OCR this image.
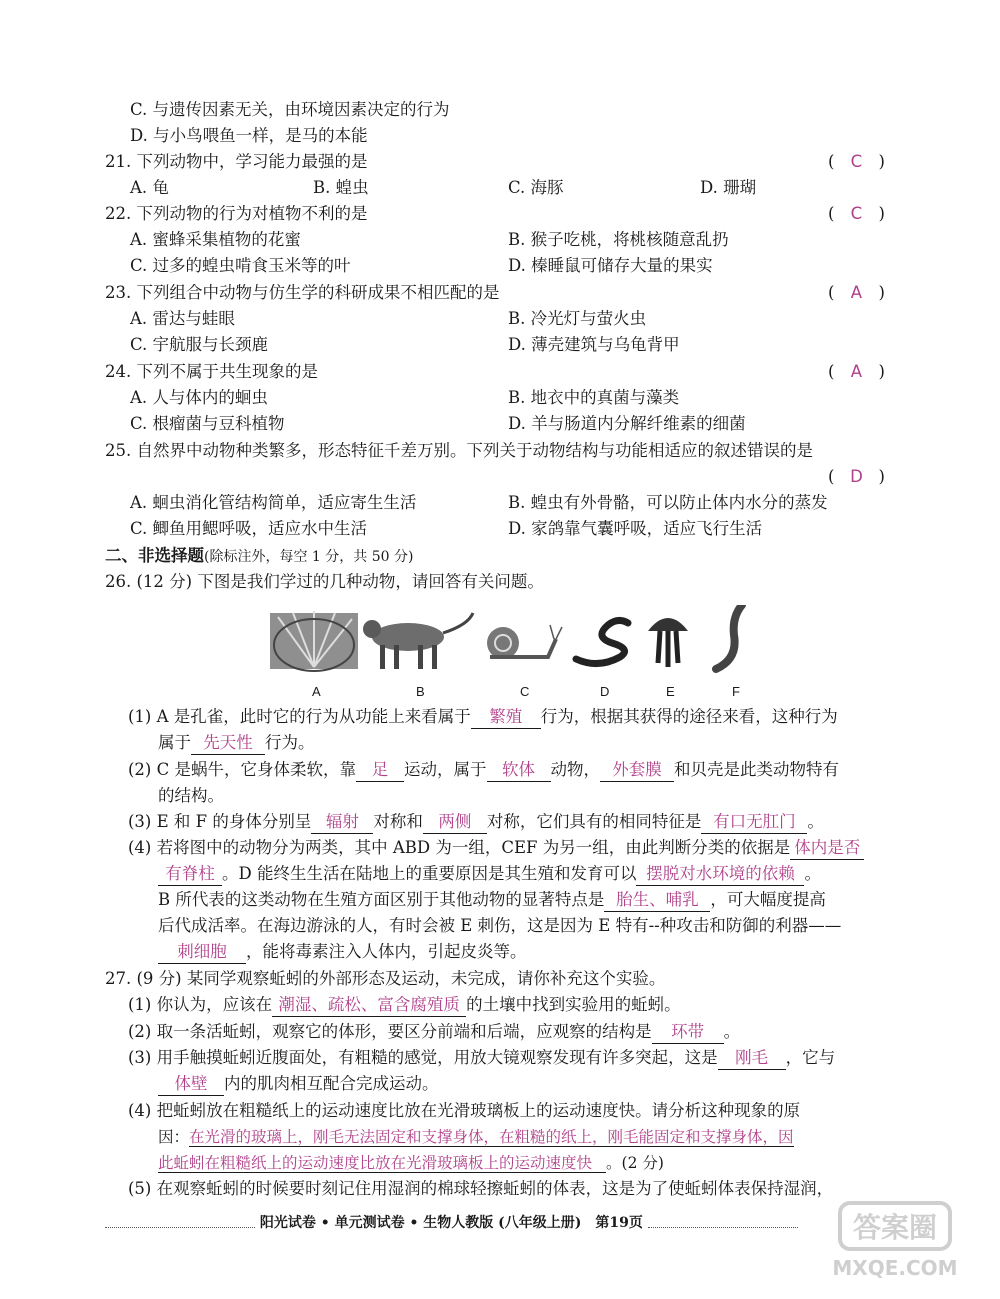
C. 与遗传因素无关，由环境因素决定的行为
D. 与小鸟喂鱼一样，是马的本能
21. 下列动物中，学习能力最强的是	( C )
A. 龟	B. 蝗虫	C. 海豚	D. 珊瑚
22. 下列动物的行为对植物不利的是	( C )
A. 蜜蜂采集植物的花蜜	B. 猴子吃桃，将桃核随意乱扔
C. 过多的蝗虫啃食玉米等的叶	D. 榛睡鼠可储存大量的果实
23. 下列组合中动物与仿生学的科研成果不相匹配的是	( A )
A. 雷达与蛙眼	B. 冷光灯与萤火虫
C. 宇航服与长颈鹿	D. 薄壳建筑与乌龟背甲
24. 下列不属于共生现象的是	( A )
A. 人与体内的蛔虫	B. 地衣中的真菌与藻类
C. 根瘤菌与豆科植物	D. 羊与肠道内分解纤维素的细菌
25. 自然界中动物种类繁多，形态特征千差万别。下列关于动物结构与功能相适应的叙述错误的是
( D )
A. 蛔虫消化管结构简单，适应寄生生活	B. 蝗虫有外骨骼，可以防止体内水分的蒸发
C. 鲫鱼用鳃呼吸，适应水中生活	D. 家鸽靠气囊呼吸，适应飞行生活
二、非选择题(除标注外，每空 1 分，共 50 分)
26. (12 分) 下图是我们学过的几种动物，请回答有关问题。
A	B	C	D	E	F
(1) A 是孔雀，此时它的行为从功能上来看属于 繁殖 行为，根据其获得的途径来看，这种行为
属于 先天性 行为。
(2) C 是蜗牛，它身体柔软，靠 足 运动，属于 软体 动物， 外套膜 和贝壳是此类动物特有
的结构。
(3) E 和 F 的身体分别呈 辐射 对称和 两侧 对称，它们具有的相同特征是 有口无肛门 。
(4) 若将图中的动物分为两类，其中 ABD 为一组，CEF 为另一组，由此判断分类的依据是 体内是否
有脊柱 。D 能终生生活在陆地上的重要原因是其生殖和发育可以 摆脱对水环境的依赖 。
B 所代表的这类动物在生殖方面区别于其他动物的显著特点是 胎生、哺乳 ，可大幅度提高
后代成活率。在海边游泳的人，有时会被 E 刺伤，这是因为 E 特有--种攻击和防御的利器——
刺细胞 ，能将毒素注入人体内，引起皮炎等。
27. (9 分) 某同学观察蚯蚓的外部形态及运动，未完成，请你补充这个实验。
(1) 你认为，应该在 潮湿、疏松、富含腐殖质 的土壤中找到实验用的蚯蚓。
(2) 取一条活蚯蚓，观察它的体形，要区分前端和后端，应观察的结构是 环带 。
(3) 用手触摸蚯蚓近腹面处，有粗糙的感觉，用放大镜观察发现有许多突起，这是 刚毛 ，它与
体壁 内的肌肉相互配合完成运动。
(4) 把蚯蚓放在粗糙纸上的运动速度比放在光滑玻璃板上的运动速度快。请分析这种现象的原
因：在光滑的玻璃上，刚毛无法固定和支撑身体，在粗糙的纸上，刚毛能固定和支撑身体，因
此蚯蚓在粗糙纸上的运动速度比放在光滑玻璃板上的运动速度快 。(2 分)
(5) 在观察蚯蚓的时候要时刻记住用湿润的棉球轻擦蚯蚓的体表，这是为了使蚯蚓体表保持湿润，
阳光试卷 • 单元测试卷 • 生物人教版 (八年级上册)　第19页	答案圈
MXQE.COM
